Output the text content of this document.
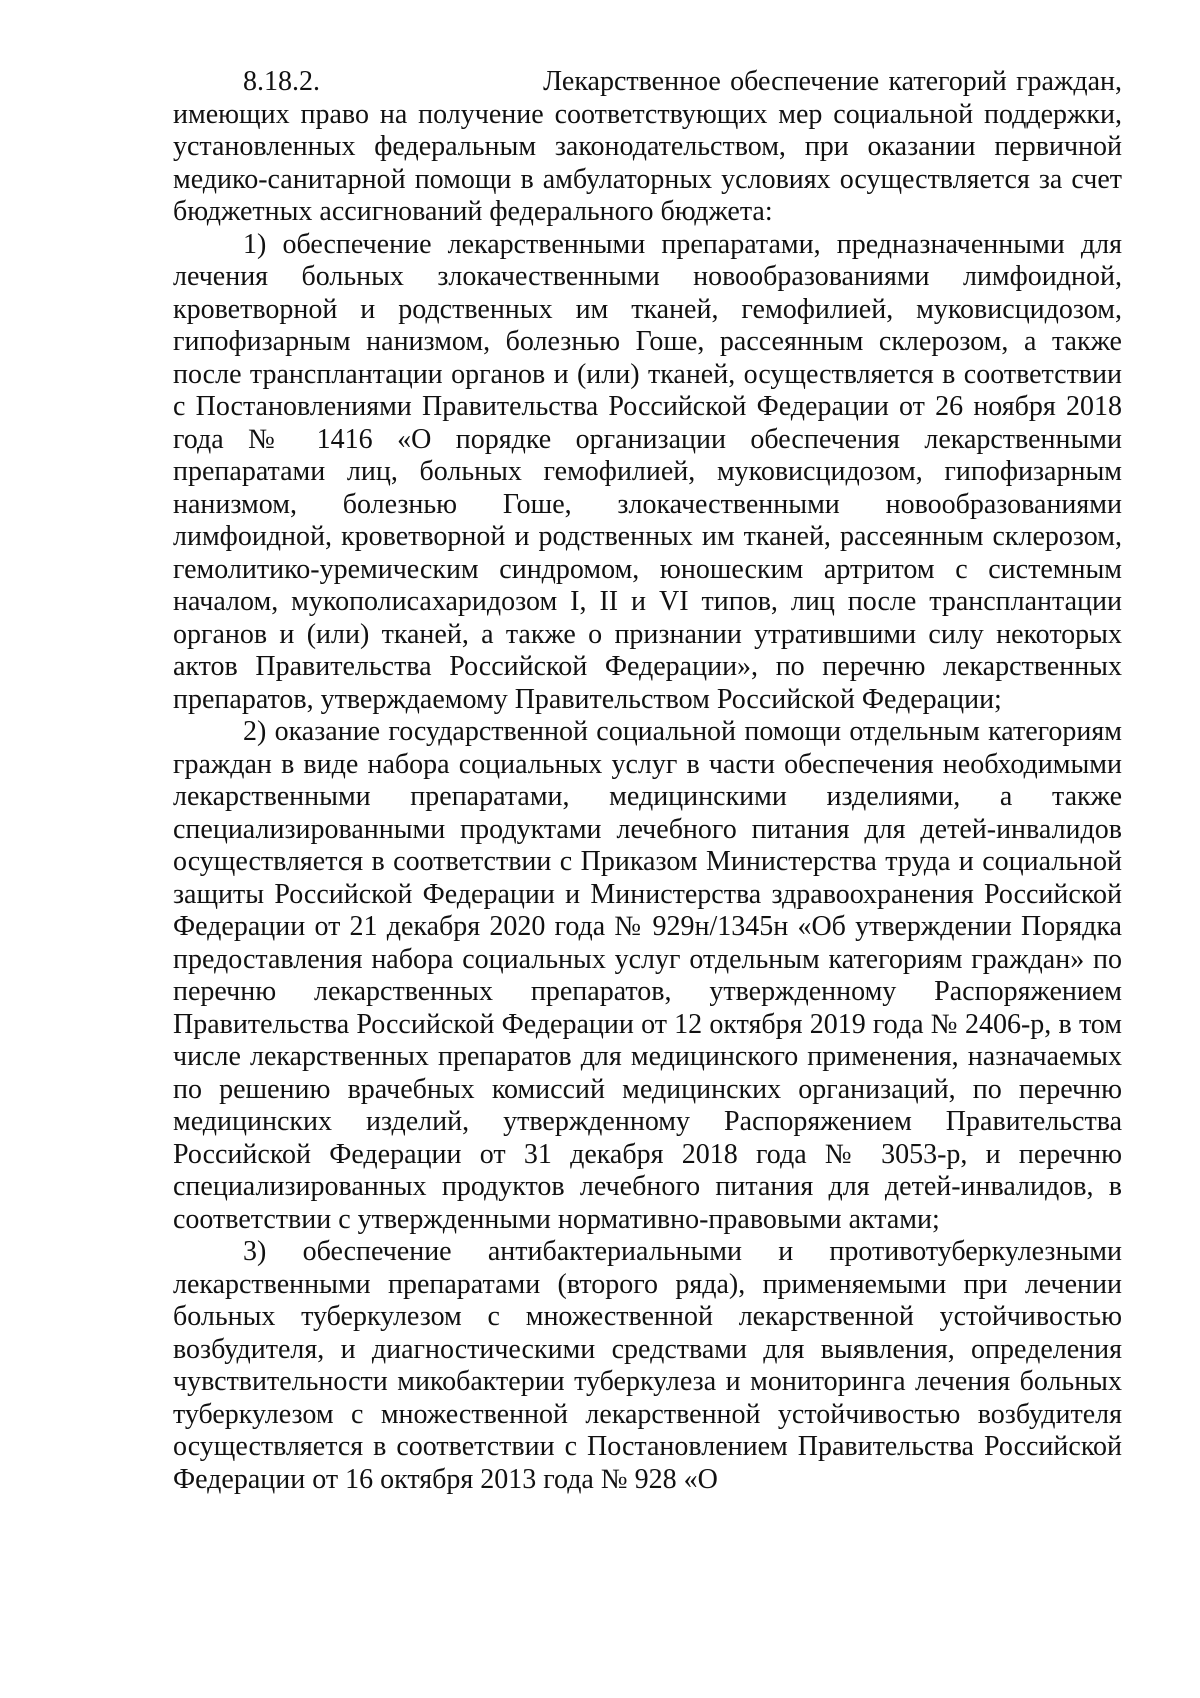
8.18.2.                        Лекарственное обеспечение категорий граждан, имеющих право на получение соответствующих мер социальной поддержки, установленных федеральным законодательством, при оказании первичной медико-санитарной помощи в амбулаторных условиях осуществляется за счет бюджетных ассигнований федерального бюджета:

1) обеспечение лекарственными препаратами, предназначенными для лечения больных злокачественными новообразованиями лимфоидной, кроветворной и родственных им тканей, гемофилией, муковисцидозом, гипофизарным нанизмом, болезнью Гоше, рассеянным склерозом, а также после трансплантации органов и (или) тканей, осуществляется в соответствии с Постановлениями Правительства Российской Федерации от 26 ноября 2018 года № 1416 «О порядке организации обеспечения лекарственными препаратами лиц, больных гемофилией, муковисцидозом, гипофизарным нанизмом, болезнью Гоше, злокачественными новообразованиями лимфоидной, кроветворной и родственных им тканей, рассеянным склерозом, гемолитико-уремическим синдромом, юношеским артритом с системным началом, мукополисахаридозом I, II и VI типов, лиц после трансплантации органов и (или) тканей, а также о признании утратившими силу некоторых актов Правительства Российской Федерации», по перечню лекарственных препаратов, утверждаемому Правительством Российской Федерации;

2) оказание государственной социальной помощи отдельным категориям граждан в виде набора социальных услуг в части обеспечения необходимыми лекарственными препаратами, медицинскими изделиями, а также специализированными продуктами лечебного питания для детей-инвалидов осуществляется в соответствии с Приказом Министерства труда и социальной защиты Российской Федерации и Министерства здравоохранения Российской Федерации от 21 декабря 2020 года № 929н/1345н «Об утверждении Порядка предоставления набора социальных услуг отдельным категориям граждан» по перечню лекарственных препаратов, утвержденному Распоряжением Правительства Российской Федерации от 12 октября 2019 года № 2406-р, в том числе лекарственных препаратов для медицинского применения, назначаемых по решению врачебных комиссий медицинских организаций, по перечню медицинских изделий, утвержденному Распоряжением Правительства Российской Федерации от 31 декабря 2018 года № 3053-р, и перечню специализированных продуктов лечебного питания для детей-инвалидов, в соответствии с утвержденными нормативно-правовыми актами;

3) обеспечение антибактериальными и противотуберкулезными лекарственными препаратами (второго ряда), применяемыми при лечении больных туберкулезом с множественной лекарственной устойчивостью возбудителя, и диагностическими средствами для выявления, определения чувствительности микобактерии туберкулеза и мониторинга лечения больных туберкулезом с множественной лекарственной устойчивостью возбудителя осуществляется в соответствии с Постановлением Правительства Российской Федерации от 16 октября 2013 года № 928 «О
